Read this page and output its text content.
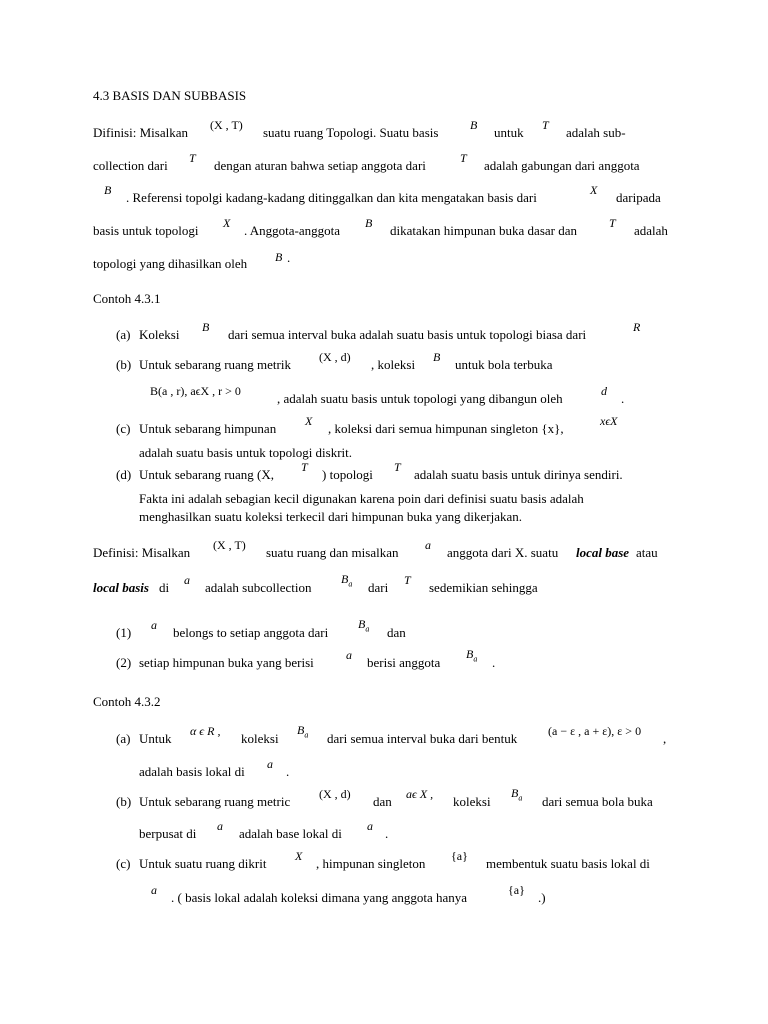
4.3 BASIS DAN SUBBASIS
Difinisi: Misalkan (X , T) suatu ruang Topologi. Suatu basis	B untuk T adalah sub-
collection dari T dengan aturan bahwa setiap anggota dari	T adalah gabungan dari anggota
B . Referensi topolgi kadang-kadang ditinggalkan dan kita mengatakan basis dari	X daripada
basis untuk topologi X . Anggota-anggota B dikatakan himpunan buka dasar dan	T adalah
topologi yang dihasilkan oleh B .
Contoh 4.3.1
(a) Koleksi B dari semua interval buka adalah suatu basis untuk topologi biasa dari	R
(b) Untuk sebarang ruang metrik (X , d) , koleksi B untuk bola terbuka
B(a , r), aϵX , r > 0	, adalah suatu basis untuk topologi yang dibangun oleh	d .
(c) Untuk sebarang himpunan X , koleksi dari semua himpunan singleton {x},	xϵX
adalah suatu basis untuk topologi diskrit.
(d) Untuk sebarang ruang (X, T ) topologi T adalah suatu basis untuk dirinya sendiri.
Fakta ini adalah sebagian kecil digunakan karena poin dari definisi suatu basis adalah
menghasilkan suatu koleksi terkecil dari himpunan buka yang dikerjakan.
Definisi: Misalkan (X , T) suatu ruang dan misalkan a anggota dari X. suatu local base atau
local basis di a adalah subcollection
$B_a$ dari T sedemikian sehingga
(1) a belongs to setiap anggota dari
$B_a$ dan
(2) setiap himpunan buka yang berisi	a berisi anggota
$B_a$ .
Contoh 4.3.2
(a) Untuk α ϵ R , koleksi
$B_a$ dari semua interval buka dari bentuk	(a − ε , a + ε), ε > 0 ,
adalah basis lokal di a .
(b) Untuk sebarang ruang metric (X , d) dan aϵ X , koleksi
$B_a$ dari semua bola buka
berpusat di a adalah base lokal di a .
(c) Untuk suatu ruang dikrit X , himpunan singleton {a} membentuk suatu basis lokal di
a . ( basis lokal adalah koleksi dimana yang anggota hanya	{a} .)
